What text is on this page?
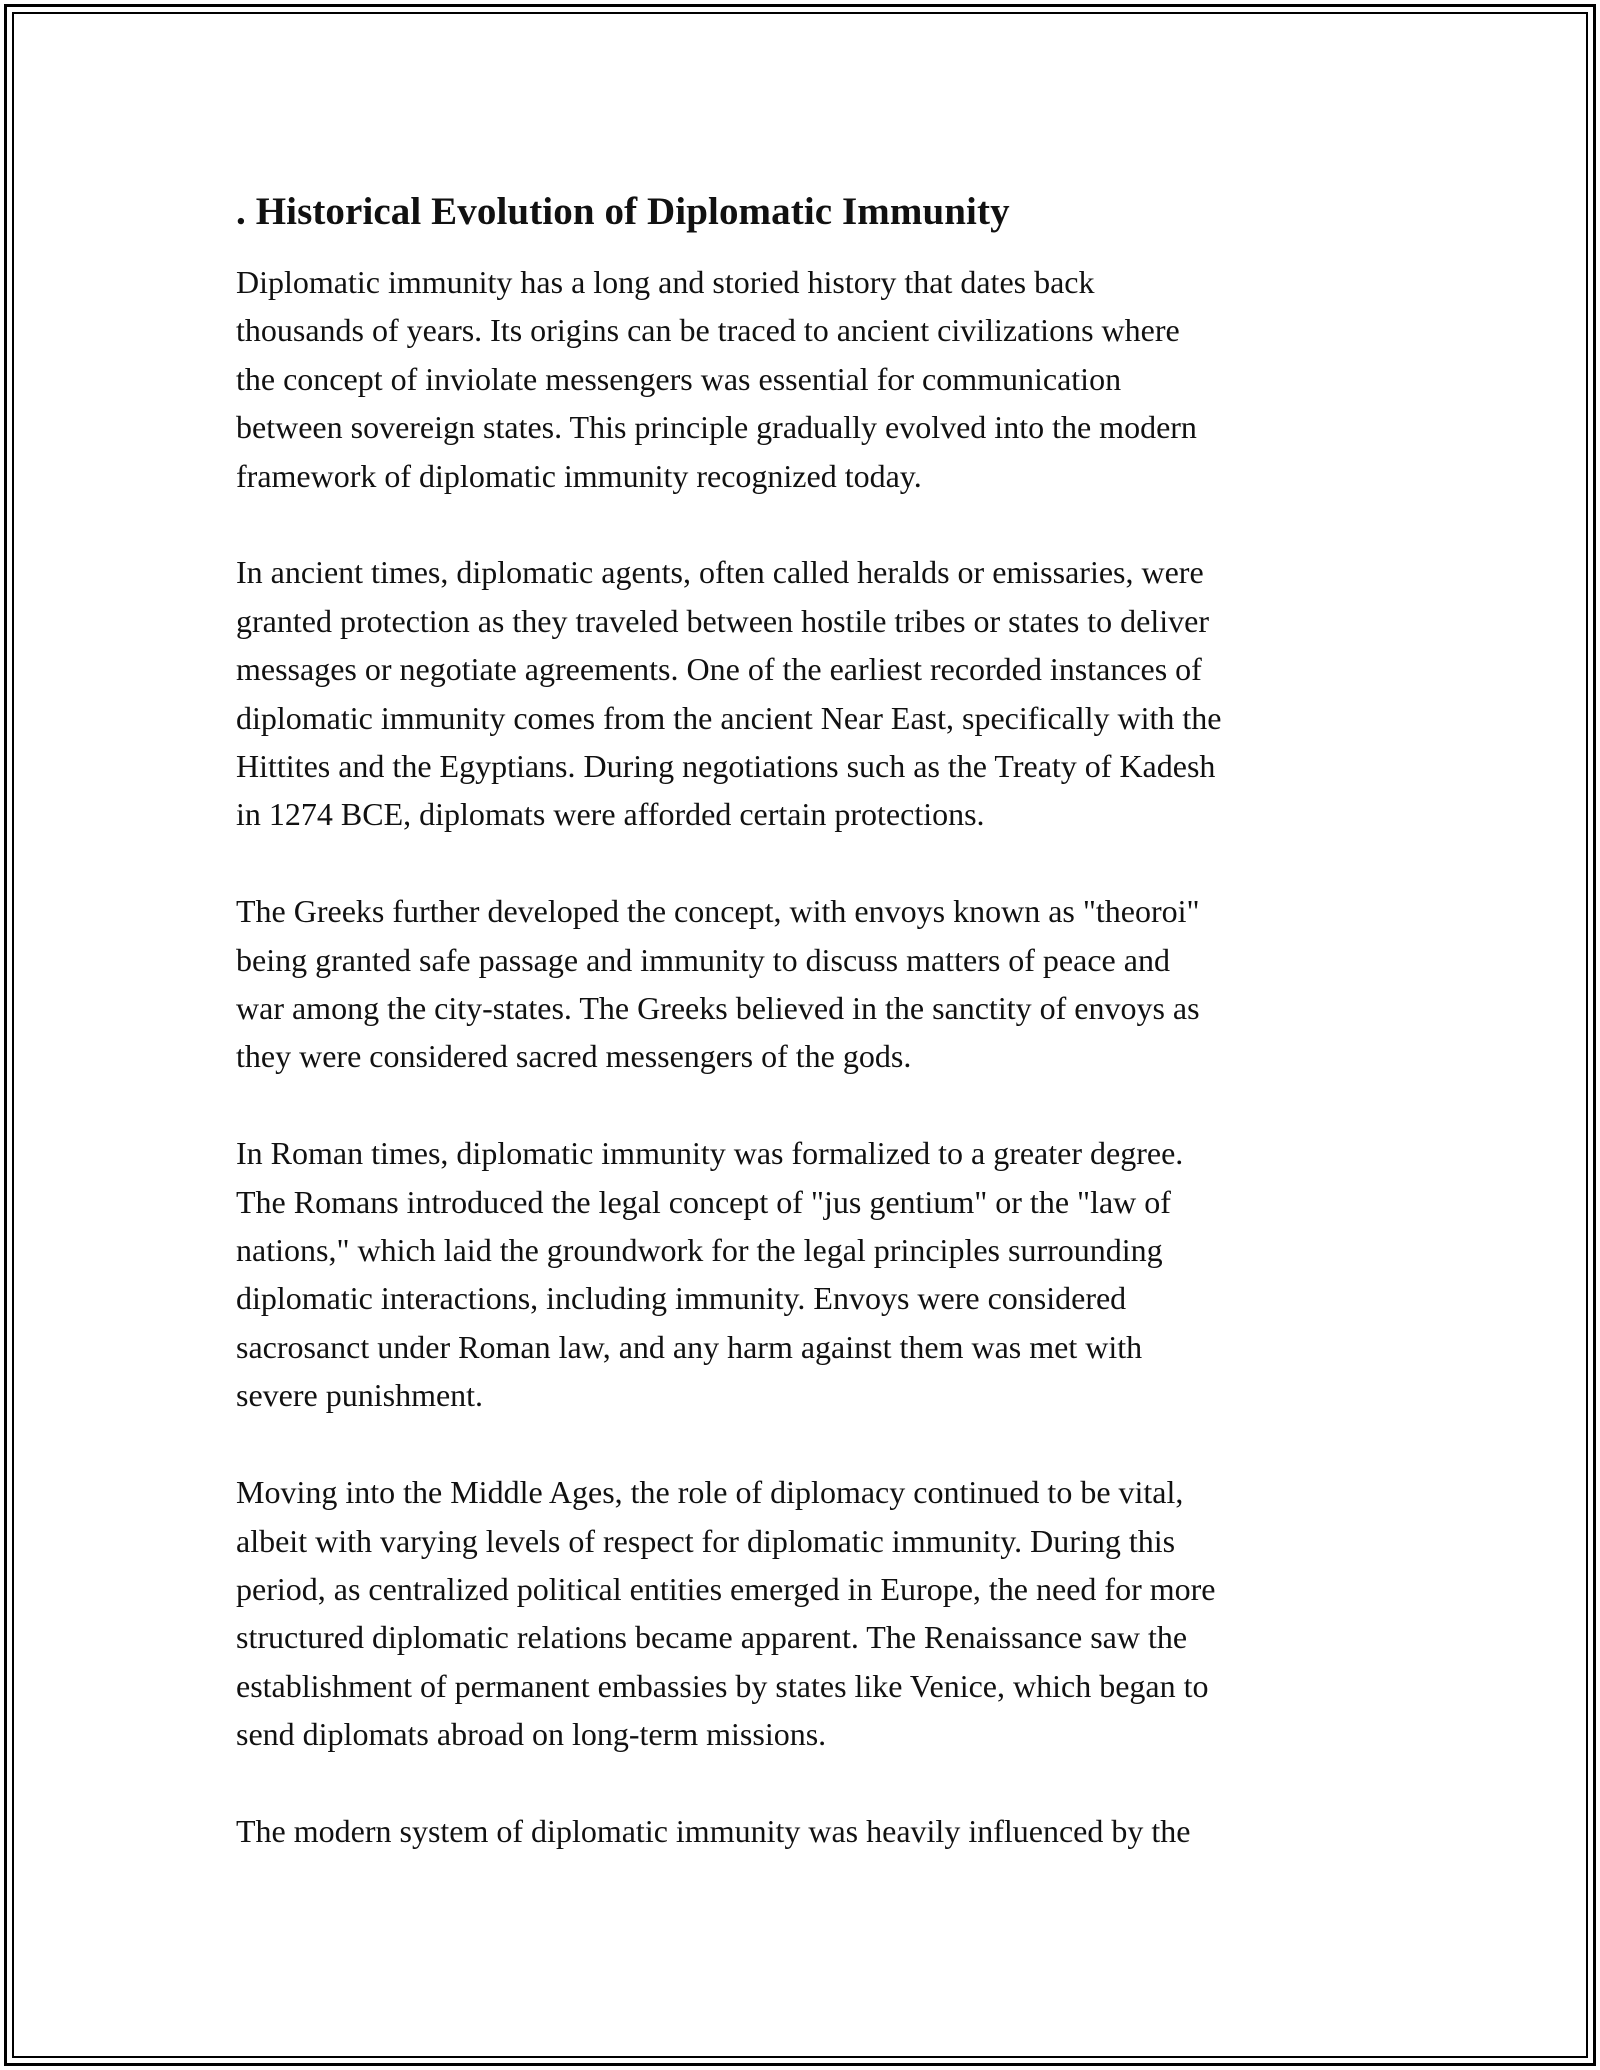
. Historical Evolution of Diplomatic Immunity

Diplomatic immunity has a long and storied history that dates back
thousands of years. Its origins can be traced to ancient civilizations where
the concept of inviolate messengers was essential for communication
between sovereign states. This principle gradually evolved into the modern
framework of diplomatic immunity recognized today.

In ancient times, diplomatic agents, often called heralds or emissaries, were
granted protection as they traveled between hostile tribes or states to deliver
messages or negotiate agreements. One of the earliest recorded instances of
diplomatic immunity comes from the ancient Near East, specifically with the
Hittites and the Egyptians. During negotiations such as the Treaty of Kadesh
in 1274 BCE, diplomats were afforded certain protections.

The Greeks further developed the concept, with envoys known as "theoroi"
being granted safe passage and immunity to discuss matters of peace and
war among the city-states. The Greeks believed in the sanctity of envoys as
they were considered sacred messengers of the gods.

In Roman times, diplomatic immunity was formalized to a greater degree.
The Romans introduced the legal concept of "jus gentium" or the "law of
nations," which laid the groundwork for the legal principles surrounding
diplomatic interactions, including immunity. Envoys were considered
sacrosanct under Roman law, and any harm against them was met with
severe punishment.

Moving into the Middle Ages, the role of diplomacy continued to be vital,
albeit with varying levels of respect for diplomatic immunity. During this
period, as centralized political entities emerged in Europe, the need for more
structured diplomatic relations became apparent. The Renaissance saw the
establishment of permanent embassies by states like Venice, which began to
send diplomats abroad on long-term missions.

The modern system of diplomatic immunity was heavily influenced by the
